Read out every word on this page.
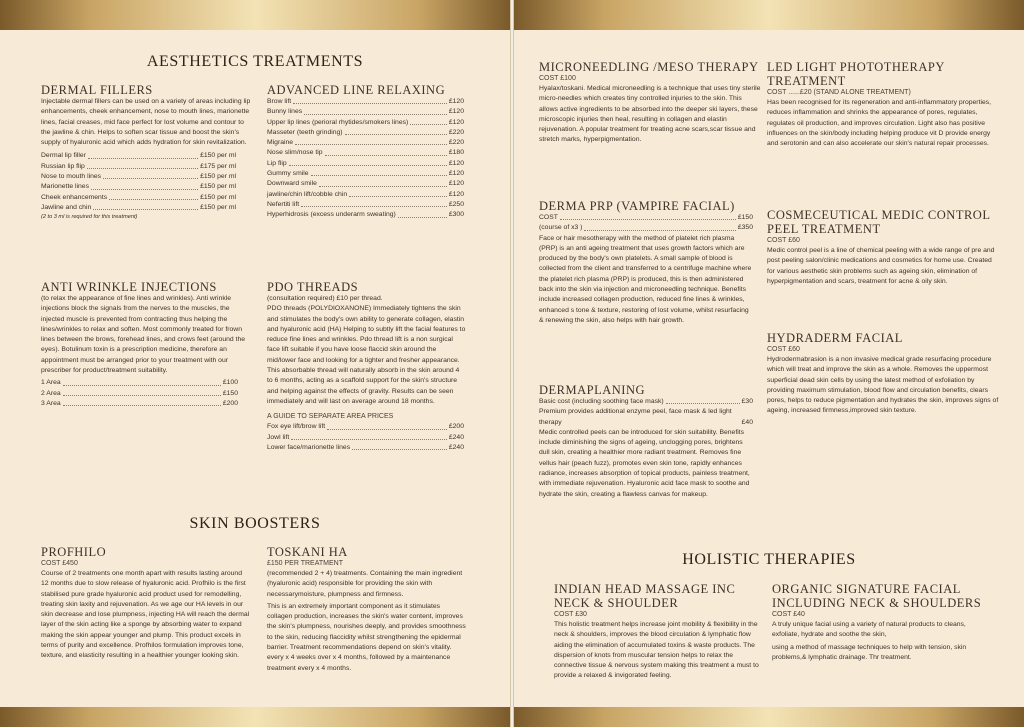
AESTHETICS TREATMENTS
DERMAL FILLERS
Injectable dermal fillers can be used on a variety of areas including lip enhancements, cheek enhancement, nose to mouth lines, marionette lines, facial creases, mid face perfect for lost volume and contour to the jawline & chin. Helps to soften scar tissue and boost the skin's supply of hyaluronic acid which adds hydration for skin revitalization.
Dermal lip filler	£150 per ml
Russian lip flip	£175 per ml
Nose to mouth lines	£150 per ml
Marionette lines	£150 per ml
Cheek enhancements	£150 per ml
Jawline and chin	£150 per ml
(2 to 3 ml is required for this treatment)
ADVANCED LINE RELAXING
Brow lift	£120
Bunny lines	£120
Upper lip lines (perioral rhytides/smokers lines)	£120
Masseter (teeth grinding)	£220
Migraine	£220
Nose slim/nose tip	£180
Lip flip	£120
Gummy smile	£120
Downward smile	£120
jawline/chin lift/cobble chin	£120
Nefertiti lift	£250
Hyperhidrosis (excess underarm sweating)	£300
ANTI WRINKLE INJECTIONS
(to relax the appearance of fine lines and wrinkles). Anti wrinkle injections block the signals from the nerves to the muscles, the injected muscle is prevented from contracting thus helping the lines/wrinkles to relax and soften. Most commonly treated for frown lines between the brows, forehead lines, and crows feet (around the eyes). Botulinum toxin is a prescription medicine, therefore an appointment must be arranged prior to your treatment with our prescriber for product/treatment suitability.
1 Area	£100
2 Area	£150
3 Area	£200
PDO THREADS
(consultation required) £10 per thread.
PDO threads (POLYDIOXANONE) Immediately tightens the skin and stimulates the body's own ability to generate collagen, elastin and hyaluronic acid (HA) Helping to subtly lift the facial features to reduce fine lines and wrinkles. Pdo thread lift is a non surgical face lift suitable if you have loose flaccid skin around the mid/lower face and looking for a tighter and fresher appearance. This absorbable thread will naturally absorb in the skin around 4 to 6 months, acting as a scaffold support for the skin's structure and helping against the effects of gravity. Results can be seen immediately and will last on average around 18 months.
A GUIDE TO SEPARATE AREA PRICES
Fox eye lift/brow lift	£200
Jowl lift	£240
Lower face/marionette lines	£240
SKIN BOOSTERS
PROFHILO
COST £450
Course of 2 treatments one month apart with results lasting around 12 months due to slow release of hyaluronic acid. Profhilo is the first stabilised pure grade hyaluronic acid product used for remodelling, treating skin laxity and rejuvenation. As we age our HA levels in our skin decrease and lose plumpness, injecting HA will reach the dermal layer of the skin acting like a sponge by absorbing water to expand making the skin appear younger and plump. This product excels in terms of purity and excellence. Profhilos formulation improves tone, texture, and elasticity resulting in a healthier younger looking skin.
TOSKANI HA
£150 PER TREATMENT
(recommended 2 + 4) treatments. Containing the main ingredient (hyaluronic acid) responsible for providing the skin with necessarymoisture, plumpness and firmness.
This is an extremely important component as it stimulates collagen production, increases the skin's water content, improves the skin's plumpness, nourishes deeply, and provides smoothness to the skin, reducing flaccidity whilst strengthening the epidermal barrier. Treatment recommendations depend on skin's vitality. every x 4 weeks over x 4 months, followed by a maintenance treatment every x 4 months.
MICRONEEDLING /MESO THERAPY
COST £100
Hyalax/toskani. Medical microneedling is a technique that uses tiny sterile micro-needles which creates tiny controlled injuries to the skin. This allows active ingredients to be absorbed into the deeper ski layers, these microscopic injuries then heal, resulting in collagen and elastin rejuvenation. A popular treatment for treating acne scars,scar tissue and stretch marks, hyperpigmentation.
DERMA PRP (VAMPIRE FACIAL)
COST	£150
(course of x3 )	£350
Face or hair mesotherapy with the method of platelet rich plasma (PRP) is an anti ageing treatment that uses growth factors which are produced by the body's own platelets. A small sample of blood is collected from the client and transferred to a centrifuge machine where the platelet rich plasma (PRP) is produced, this is then administered back into the skin via injection and microneedling technique. Benefits include increased collagen production, reduced fine lines & wrinkles, enhanced s tone & texture, restoring of lost volume, whilst resurfacing & renewing the skin, also helps with hair growth.
DERMAPLANING
Basic cost (including soothing face mask)	£30
Premium provides additional enzyme peel, face mask & led light therapy	£40
Medic controlled peels can be introduced for skin suitability. Benefits include diminishing the signs of ageing, unclogging pores, brightens dull skin, creating a healthier more radiant treatment. Removes fine vellus hair (peach fuzz), promotes even skin tone, rapidly enhances radiance, increases absorption of topical products, painless treatment, with immediate rejuvenation. Hyaluronic acid face mask to soothe and hydrate the skin, creating a flawless canvas for makeup.
LED LIGHT PHOTOTHERAPY TREATMENT
COST ......£20 (STAND ALONE TREATMENT)
Has been recognised for its regeneration and anti-inflammatory properties, reduces inflammation and shrinks the appearance of pores, regulates, regulates oil production, and improves circulation. Light also has positive influences on the skin/body including helping produce vit D provide energy and serotonin and can also accelerate our skin's natural repair processes.
COSMECEUTICAL MEDIC CONTROL PEEL TREATMENT
COST £60
Medic control peel is a line of chemical peeling with a wide range of pre and post peeling salon/clinic medications and cosmetics for home use. Created for various aesthetic skin problems such as ageing skin, elimination of hyperpigmentation and scars, treatment for acne & oily skin.
HYDRADERM FACIAL
COST £60
Hydrodermabrasion is a non invasive medical grade resurfacing procedure which will treat and improve the skin as a whole. Removes the uppermost superficial dead skin cells by using the latest method of exfoliation by providing maximum stimulation, blood flow and circulation benefits, clears pores, helps to reduce pigmentation and hydrates the skin, improves signs of ageing, increased firmness,improved skin texture.
HOLISTIC THERAPIES
INDIAN HEAD MASSAGE INC NECK & SHOULDER
COST £30
This holistic treatment helps increase joint mobility & flexibility in the neck & shoulders, improves the blood circulation & lymphatic flow aiding the elimination of accumulated toxins & waste products. The dispersion of knots from muscular tension helps to relax the connective tissue & nervous system making this treatment a must to provide a relaxed & invigorated feeling.
ORGANIC SIGNATURE FACIAL INCLUDING NECK & SHOULDERS
COST £40
A truly unique facial using a variety of natural products to cleans, exfoliate, hydrate and soothe the skin,
using a method of massage techniques to help with tension, skin problems,& lymphatic drainage. Thr treatment.
